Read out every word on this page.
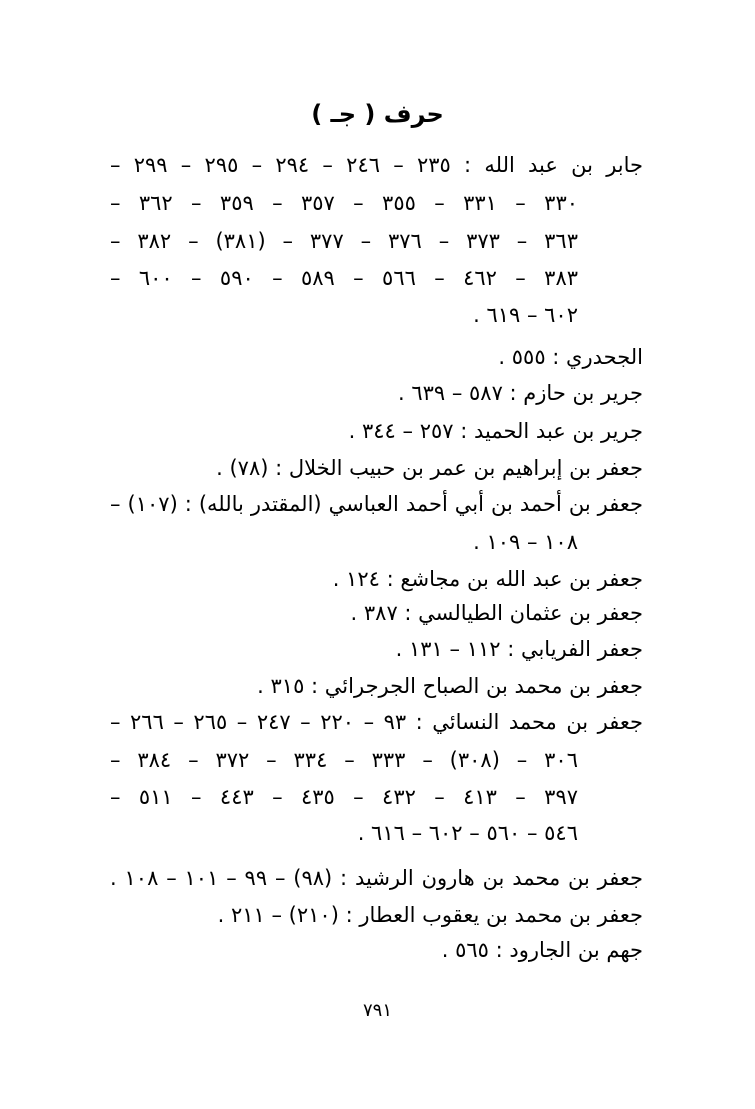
حرف ( جـ )
جابر بن عبد الله : ٢٣٥ – ٢٤٦ – ٢٩٤ – ٢٩٥ – ٢٩٩ –
٣٣٠ – ٣٣١ – ٣٥٥ – ٣٥٧ – ٣٥٩ – ٣٦٢ –
٣٦٣ – ٣٧٣ – ٣٧٦ – ٣٧٧ – (٣٨١) – ٣٨٢ –
٣٨٣ – ٤٦٢ – ٥٦٦ – ٥٨٩ – ٥٩٠ – ٦٠٠ –
٦٠٢ – ٦١٩ .
الجحدري : ٥٥٥ .
جرير بن حازم : ٥٨٧ – ٦٣٩ .
جرير بن عبد الحميد : ٢٥٧ – ٣٤٤ .
جعفر بن إبراهيم بن عمر بن حبيب الخلال : (٧٨) .
جعفر بن أحمد بن أبي أحمد العباسي (المقتدر بالله) : (١٠٧) –
١٠٨ – ١٠٩ .
جعفر بن عبد الله بن مجاشع : ١٢٤ .
جعفر بن عثمان الطيالسي : ٣٨٧ .
جعفر الفريابي : ١١٢ – ١٣١ .
جعفر بن محمد بن الصباح الجرجرائي : ٣١٥ .
جعفر بن محمد النسائي : ٩٣ – ٢٢٠ – ٢٤٧ – ٢٦٥ – ٢٦٦ –
٣٠٦ – (٣٠٨) – ٣٣٣ – ٣٣٤ – ٣٧٢ – ٣٨٤ –
٣٩٧ – ٤١٣ – ٤٣٢ – ٤٣٥ – ٤٤٣ – ٥١١ –
٥٤٦ – ٥٦٠ – ٦٠٢ – ٦١٦ .
جعفر بن محمد بن هارون الرشيد : (٩٨) – ٩٩ – ١٠١ – ١٠٨ .
جعفر بن محمد بن يعقوب العطار : (٢١٠) – ٢١١ .
جهم بن الجارود : ٥٦٥ .
٧٩١
